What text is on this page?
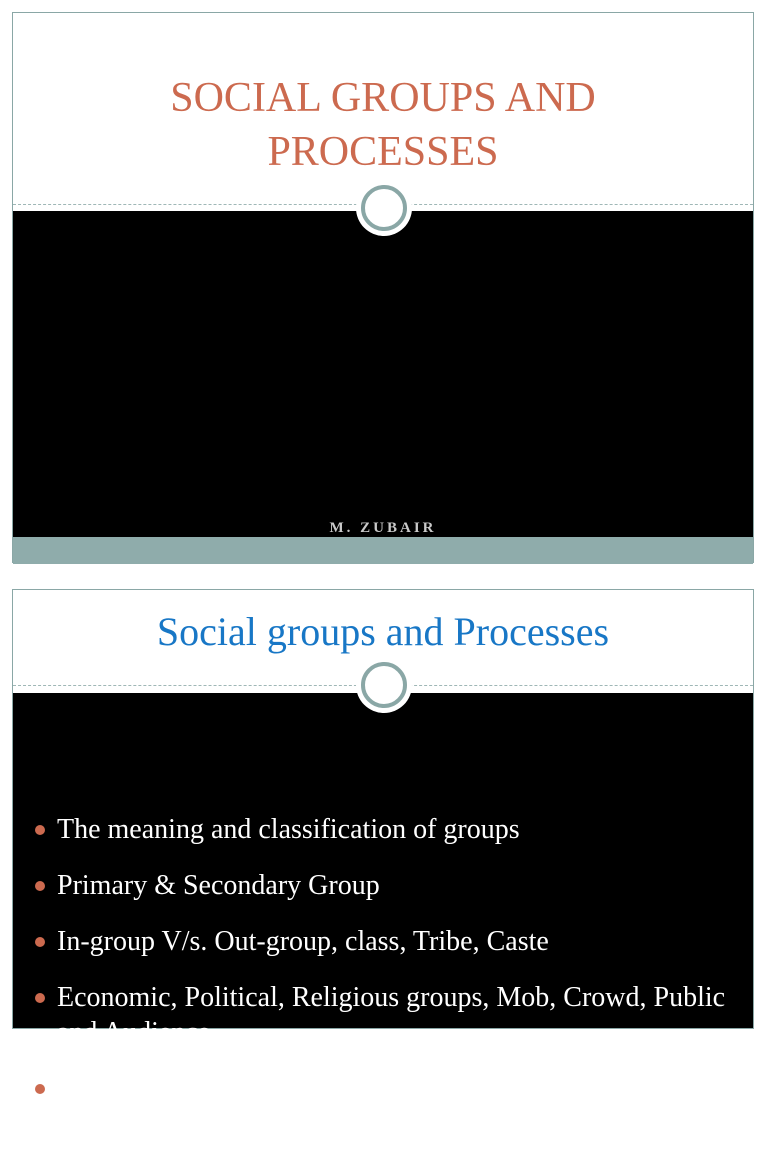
SOCIAL GROUPS AND
PROCESSES
M. ZUBAIR
Social groups and Processes
The meaning and classification of groups
Primary & Secondary Group
In-group V/s. Out-group, class, Tribe, Caste
Economic, Political, Religious groups, Mob, Crowd, Public and Audience
Social Interaction and Social Processes - Co-operation, Competition, Conflict, Accommodation
